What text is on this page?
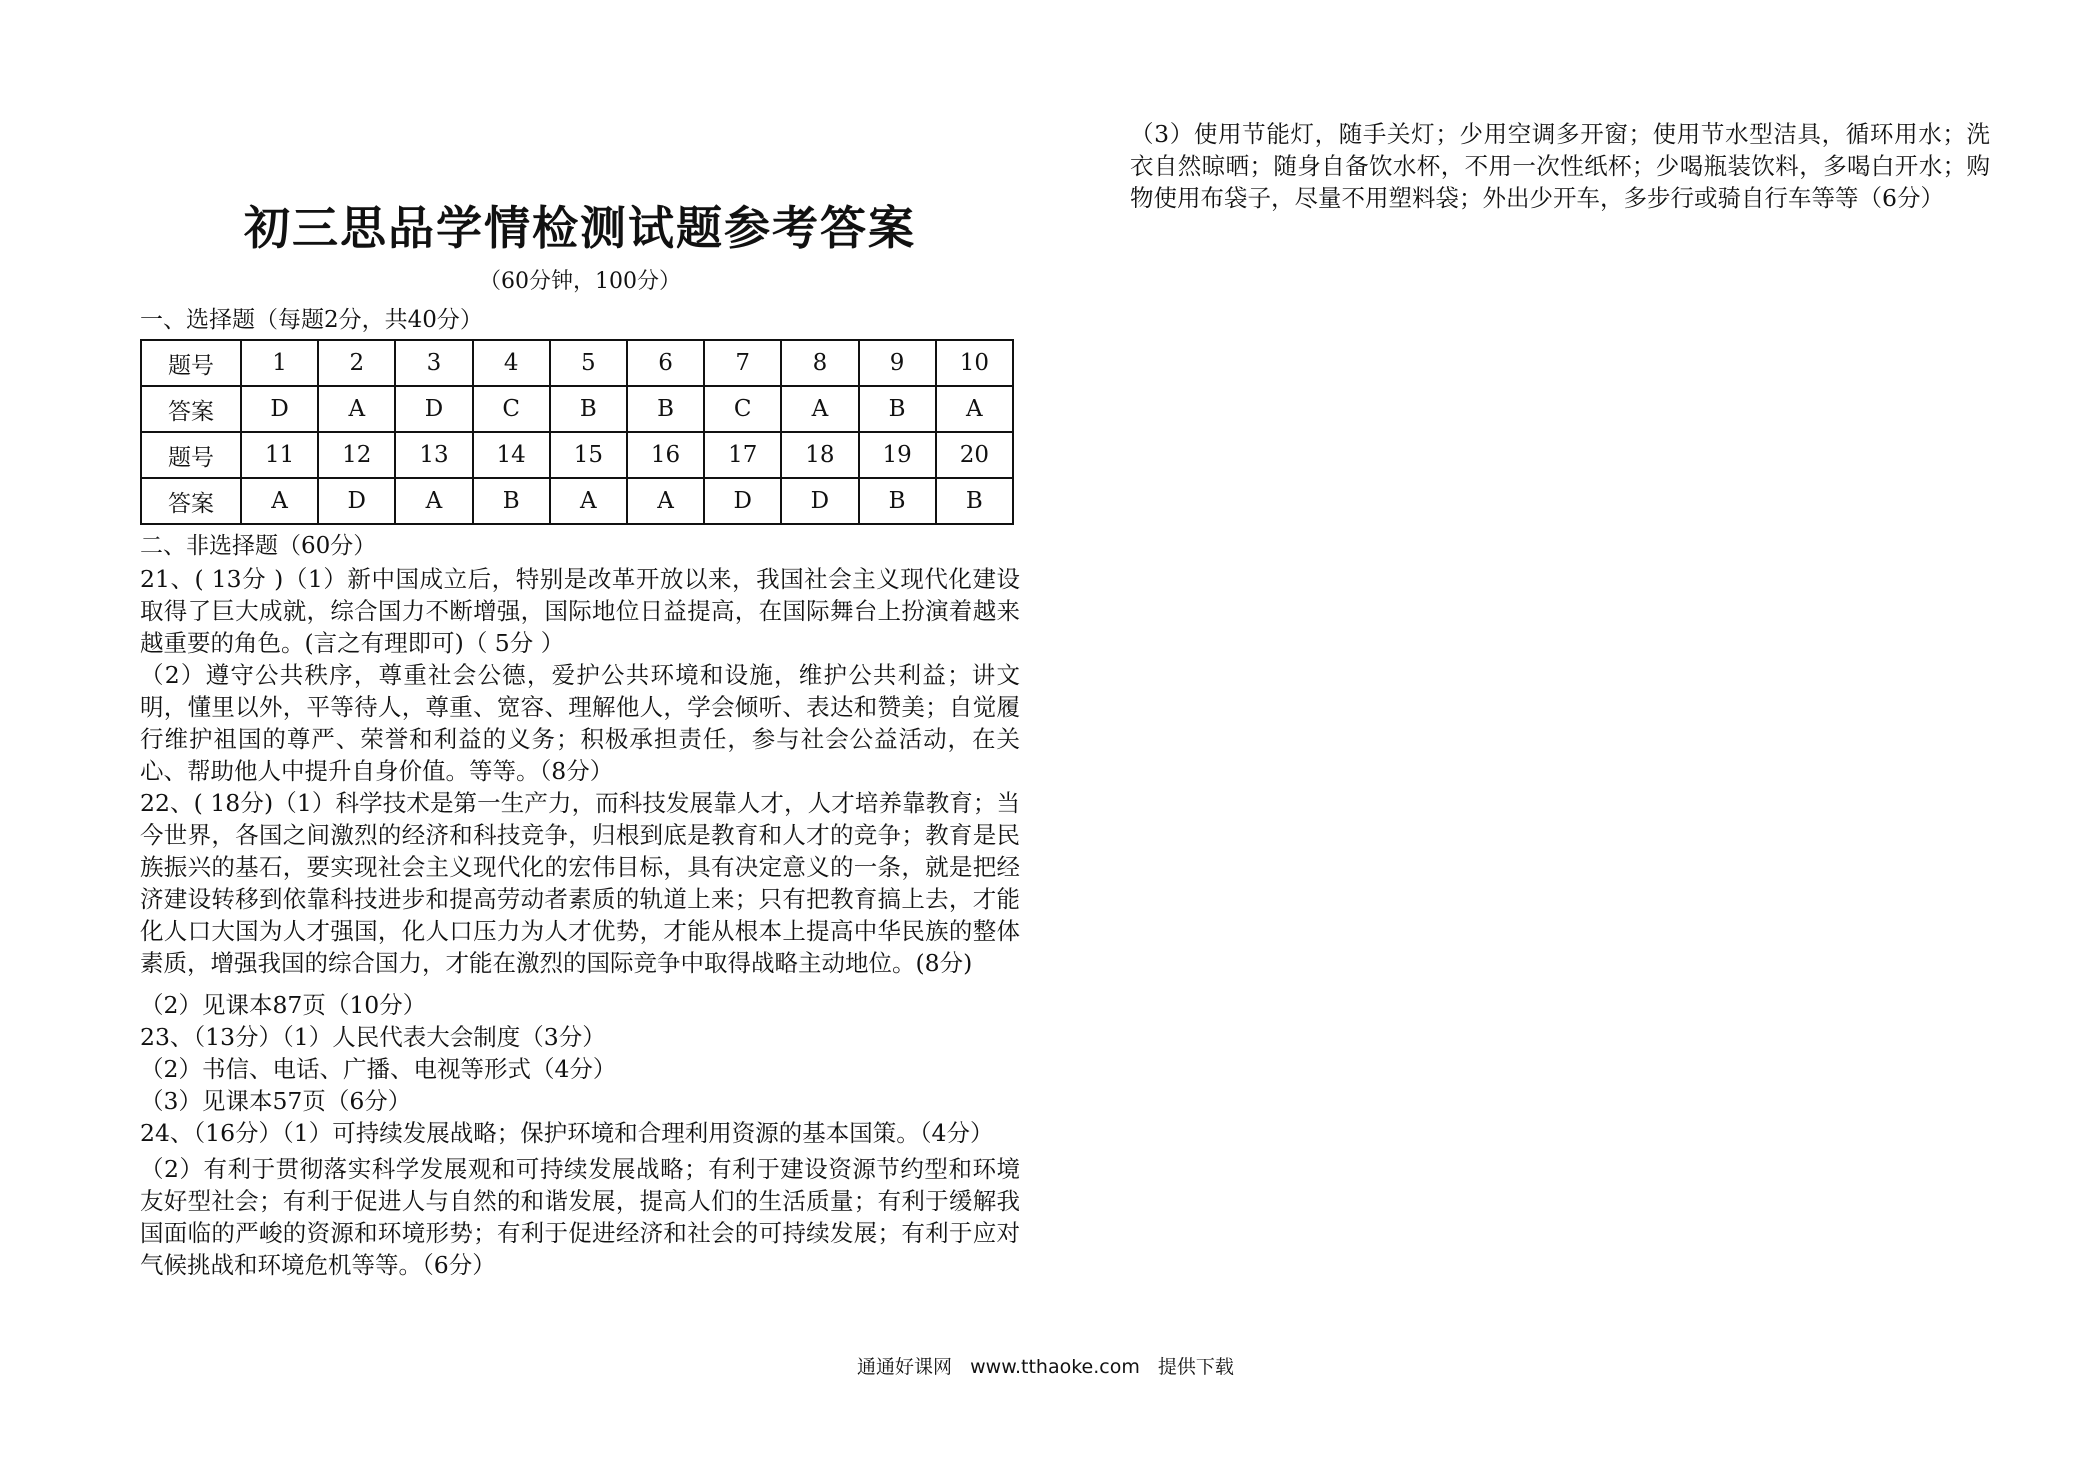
初三思品学情检测试题参考答案
（60分钟，100分）
一、选择题（每题2分，共40分）
题号	1	2	3	4	5	6	7	8	9	10
答案	D	A	D	C	B	B	C	A	B	A
题号	11	12	13	14	15	16	17	18	19	20
答案	A	D	A	B	A	A	D	D	B	B
二、非选择题（60分）

21、( 13分 )（1）新中国成立后，特别是改革开放以来，我国社会主义现代化建设取得了巨大成就，综合国力不断增强，国际地位日益提高，在国际舞台上扮演着越来越重要的角色。(言之有理即可)（ 5分 ）

（2）遵守公共秩序，尊重社会公德，爱护公共环境和设施，维护公共利益；讲文明，懂里以外，平等待人，尊重、宽容、理解他人，学会倾听、表达和赞美；自觉履行维护祖国的尊严、荣誉和利益的义务；积极承担责任，参与社会公益活动，在关心、帮助他人中提升自身价值。等等。（8分）

22、( 18分)（1）科学技术是第一生产力，而科技发展靠人才，人才培养靠教育；当今世界，各国之间激烈的经济和科技竞争，归根到底是教育和人才的竞争；教育是民族振兴的基石，要实现社会主义现代化的宏伟目标，具有决定意义的一条，就是把经济建设转移到依靠科技进步和提高劳动者素质的轨道上来；只有把教育搞上去，才能化人口大国为人才强国，化人口压力为人才优势，才能从根本上提高中华民族的整体素质，增强我国的综合国力，才能在激烈的国际竞争中取得战略主动地位。(8分)

（2）见课本87页（10分）

23、（13分）（1）人民代表大会制度（3分）

（2）书信、电话、广播、电视等形式（4分）

（3）见课本57页（6分）

24、（16分）（1）可持续发展战略；保护环境和合理利用资源的基本国策。（4分）

（2）有利于贯彻落实科学发展观和可持续发展战略；有利于建设资源节约型和环境友好型社会；有利于促进人与自然的和谐发展，提高人们的生活质量；有利于缓解我国面临的严峻的资源和环境形势；有利于促进经济和社会的可持续发展；有利于应对气候挑战和环境危机等等。（6分）

（3）使用节能灯，随手关灯；少用空调多开窗；使用节水型洁具，循环用水；洗衣自然晾晒；随身自备饮水杯，不用一次性纸杯；少喝瓶装饮料，多喝白开水；购物使用布袋子，尽量不用塑料袋；外出少开车，多步行或骑自行车等等（6分）

通通好课网 www.tthaoke.com 提供下载
